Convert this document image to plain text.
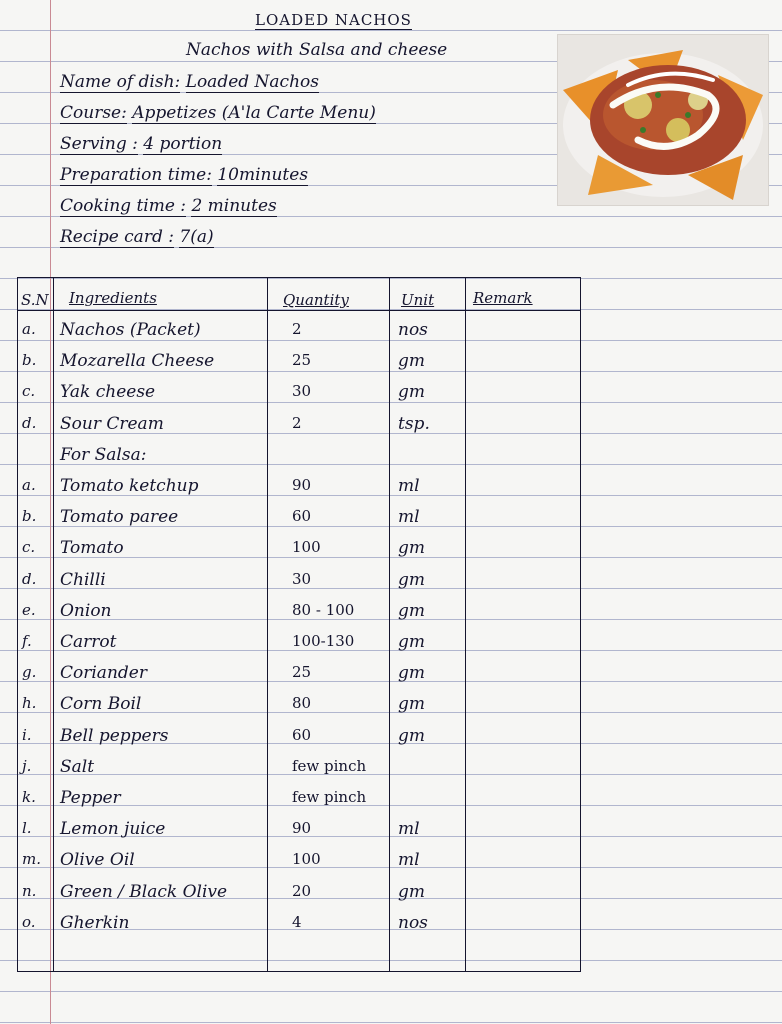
LOADED NACHOS
Nachos with Salsa and cheese
Name of dish: Loaded Nachos
Course: Appetizes (A'la Carte Menu)
Serving : 4 portion
Preparation time: 10minutes
Cooking time : 2 minutes
Recipe card : 7(a)
S.N Ingredients	Quantity	Unit	Remark
a. Nachos (Packet)	2	nos
b. Mozarella Cheese	25	gm
c. Yak cheese	30	gm
d. Sour Cream	2	tsp.
For Salsa:
a. Tomato ketchup	90	ml
b. Tomato paree	60	ml
c. Tomato	100	gm
d. Chilli	30	gm
e. Onion	80 - 100	gm
f. Carrot	100-130	gm
g. Coriander	25	gm
h. Corn Boil	80	gm
i. Bell peppers	60	gm
j. Salt	few pinch
k. Pepper	few pinch
l. Lemon juice	90	ml
m. Olive Oil	100	ml
n. Green / Black Olive	20	gm
o. Gherkin	4	nos
